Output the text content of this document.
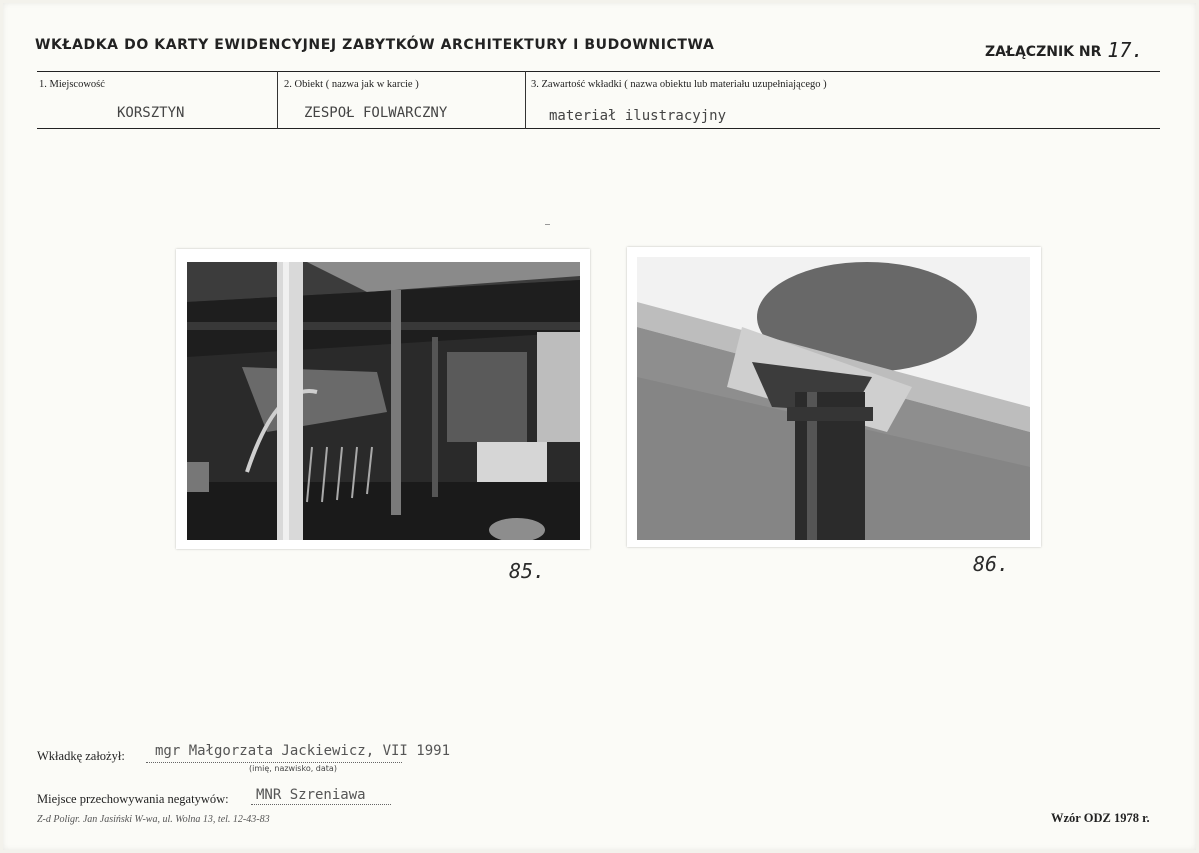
WKŁADKA DO KARTY EWIDENCYJNEJ ZABYTKÓW ARCHITEKTURY I BUDOWNICTWA	ZAŁĄCZNIK NR 17.
1. Miejscowość
KORSZTYN
2. Obiekt ( nazwa jak w karcie )
ZESPOŁ FOLWARCZNY
3. Zawartość wkładki ( nazwa obiektu lub materiału uzupełniającego )
materiał ilustracyjny
85.	86.
Wkładkę założył: mgr Małgorzata Jackiewicz, VII 1991
(imię, nazwisko, data)
Miejsce przechowywania negatywów: MNR Szreniawa
Z-d Poligr. Jan Jasiński W-wa, ul. Wolna 13, tel. 12-43-83	Wzór ODZ 1978 r.
